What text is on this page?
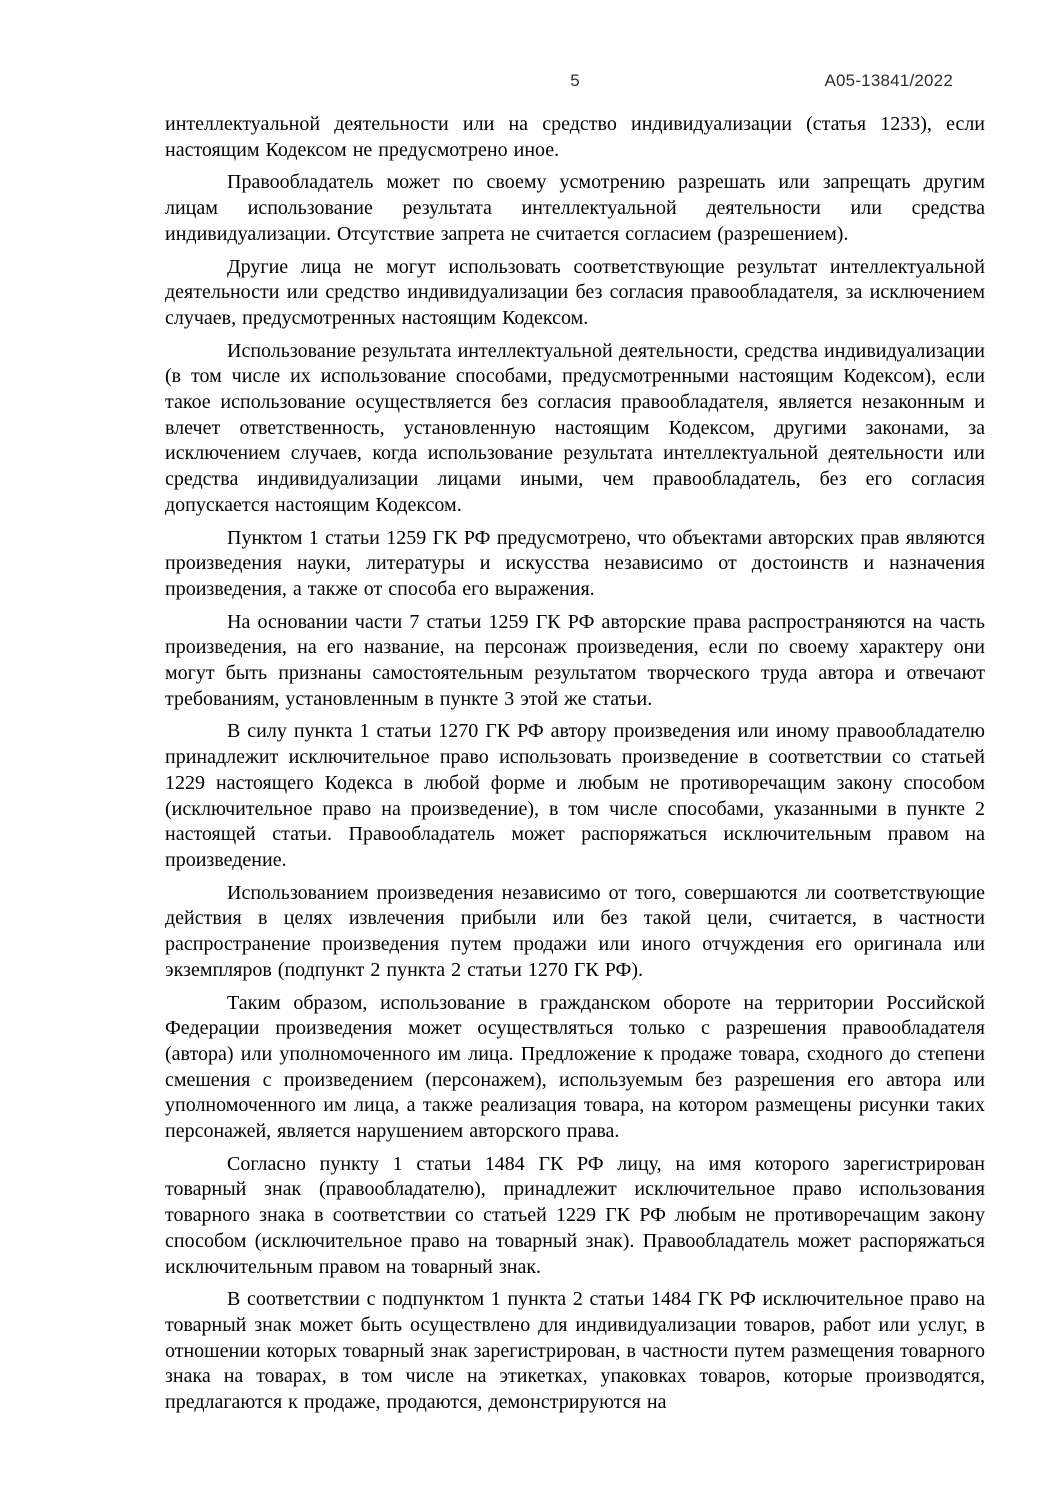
5	А05-13841/2022

интеллектуальной деятельности или на средство индивидуализации (статья 1233), если настоящим Кодексом не предусмотрено иное.

Правообладатель может по своему усмотрению разрешать или запрещать другим лицам использование результата интеллектуальной деятельности или средства индивидуализации. Отсутствие запрета не считается согласием (разрешением).

Другие лица не могут использовать соответствующие результат интеллектуальной деятельности или средство индивидуализации без согласия правообладателя, за исключением случаев, предусмотренных настоящим Кодексом.

Использование результата интеллектуальной деятельности, средства индивидуализации (в том числе их использование способами, предусмотренными настоящим Кодексом), если такое использование осуществляется без согласия правообладателя, является незаконным и влечет ответственность, установленную настоящим Кодексом, другими законами, за исключением случаев, когда использование результата интеллектуальной деятельности или средства индивидуализации лицами иными, чем правообладатель, без его согласия допускается настоящим Кодексом.

Пунктом 1 статьи 1259 ГК РФ предусмотрено, что объектами авторских прав являются произведения науки, литературы и искусства независимо от достоинств и назначения произведения, а также от способа его выражения.

На основании части 7 статьи 1259 ГК РФ авторские права распространяются на часть произведения, на его название, на персонаж произведения, если по своему характеру они могут быть признаны самостоятельным результатом творческого труда автора и отвечают требованиям, установленным в пункте 3 этой же статьи.

В силу пункта 1 статьи 1270 ГК РФ автору произведения или иному правообладателю принадлежит исключительное право использовать произведение в соответствии со статьей 1229 настоящего Кодекса в любой форме и любым не противоречащим закону способом (исключительное право на произведение), в том числе способами, указанными в пункте 2 настоящей статьи. Правообладатель может распоряжаться исключительным правом на произведение.

Использованием произведения независимо от того, совершаются ли соответствующие действия в целях извлечения прибыли или без такой цели, считается, в частности распространение произведения путем продажи или иного отчуждения его оригинала или экземпляров (подпункт 2 пункта 2 статьи 1270 ГК РФ).

Таким образом, использование в гражданском обороте на территории Российской Федерации произведения может осуществляться только с разрешения правообладателя (автора) или уполномоченного им лица. Предложение к продаже товара, сходного до степени смешения с произведением (персонажем), используемым без разрешения его автора или уполномоченного им лица, а также реализация товара, на котором размещены рисунки таких персонажей, является нарушением авторского права.

Согласно пункту 1 статьи 1484 ГК РФ лицу, на имя которого зарегистрирован товарный знак (правообладателю), принадлежит исключительное право использования товарного знака в соответствии со статьей 1229 ГК РФ любым не противоречащим закону способом (исключительное право на товарный знак). Правообладатель может распоряжаться исключительным правом на товарный знак.

В соответствии с подпунктом 1 пункта 2 статьи 1484 ГК РФ исключительное право на товарный знак может быть осуществлено для индивидуализации товаров, работ или услуг, в отношении которых товарный знак зарегистрирован, в частности путем размещения товарного знака на товарах, в том числе на этикетках, упаковках товаров, которые производятся, предлагаются к продаже, продаются, демонстрируются на
